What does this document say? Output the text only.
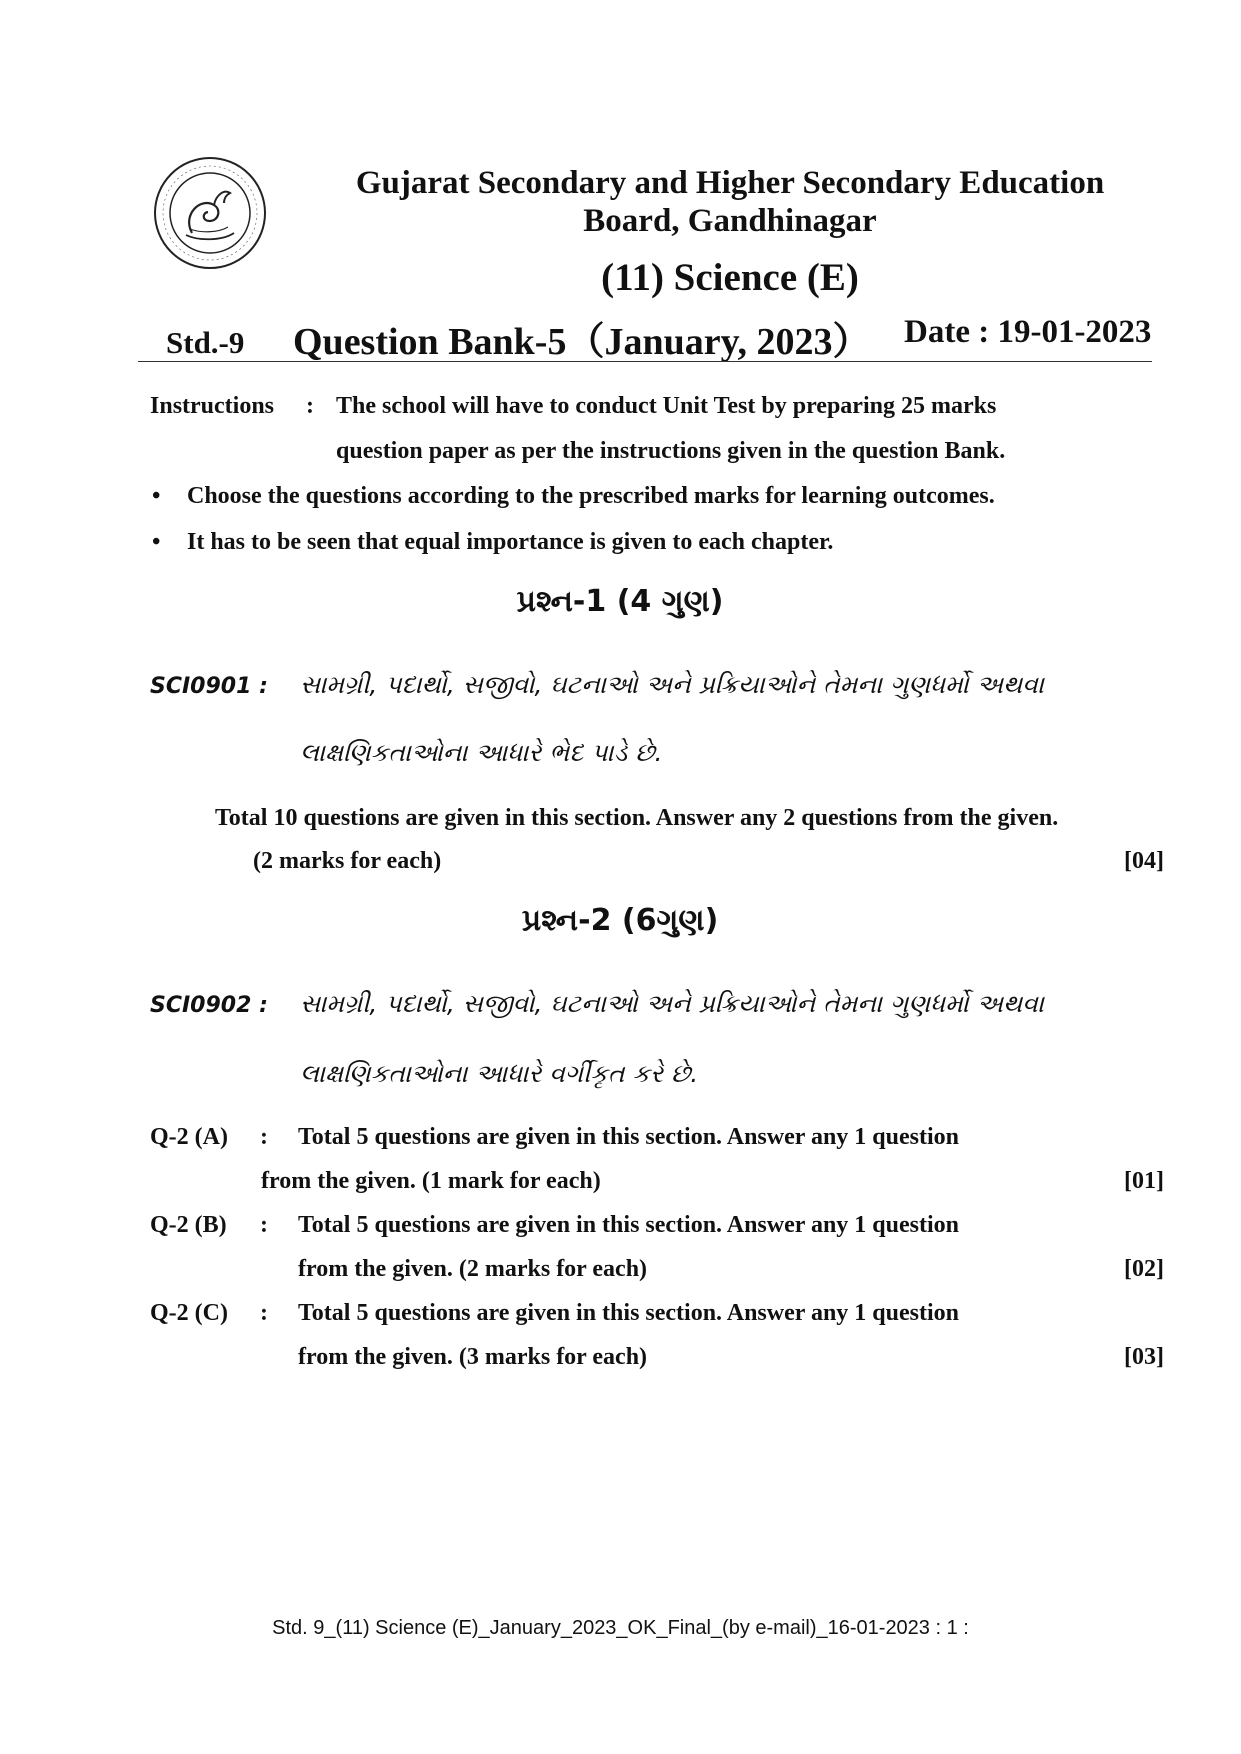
Gujarat Secondary and Higher Secondary Education
Board, Gandhinagar
(11) Science (E)
Std.-9 Question Bank-5（January, 2023） Date : 19-01-2023
Instructions : The school will have to conduct Unit Test by preparing 25 marks
question paper as per the instructions given in the question Bank.
• Choose the questions according to the prescribed marks for learning outcomes.
• It has to be seen that equal importance is given to each chapter.
પ્રશ્ન-1 (4 ગુણ)
SCI0901 : સામગ્રી, પદાર્થો, સજીવો, ઘટનાઓ અને પ્રક્રિયાઓને તેમના ગુણધર્મો અથવા
લાક્ષણિકતાઓના આધારે ભેદ પાડે છે.
Total 10 questions are given in this section. Answer any 2 questions from the given.
(2 marks for each)	[04]
પ્રશ્ન-2 (6ગુણ)
SCI0902 : સામગ્રી, પદાર્થો, સજીવો, ઘટનાઓ અને પ્રક્રિયાઓને તેમના ગુણધર્મો અથવા
લાક્ષણિકતાઓના આધારે વર્ગીકૃત કરે છે.
Q-2 (A) : Total 5 questions are given in this section. Answer any 1 question
from the given. (1 mark for each)	[01]
Q-2 (B) : Total 5 questions are given in this section. Answer any 1 question
from the given. (2 marks for each)	[02]
Q-2 (C) : Total 5 questions are given in this section. Answer any 1 question
from the given. (3 marks for each)	[03]
Std. 9_(11) Science (E)_January_2023_OK_Final_(by e-mail)_16-01-2023 : 1 :
